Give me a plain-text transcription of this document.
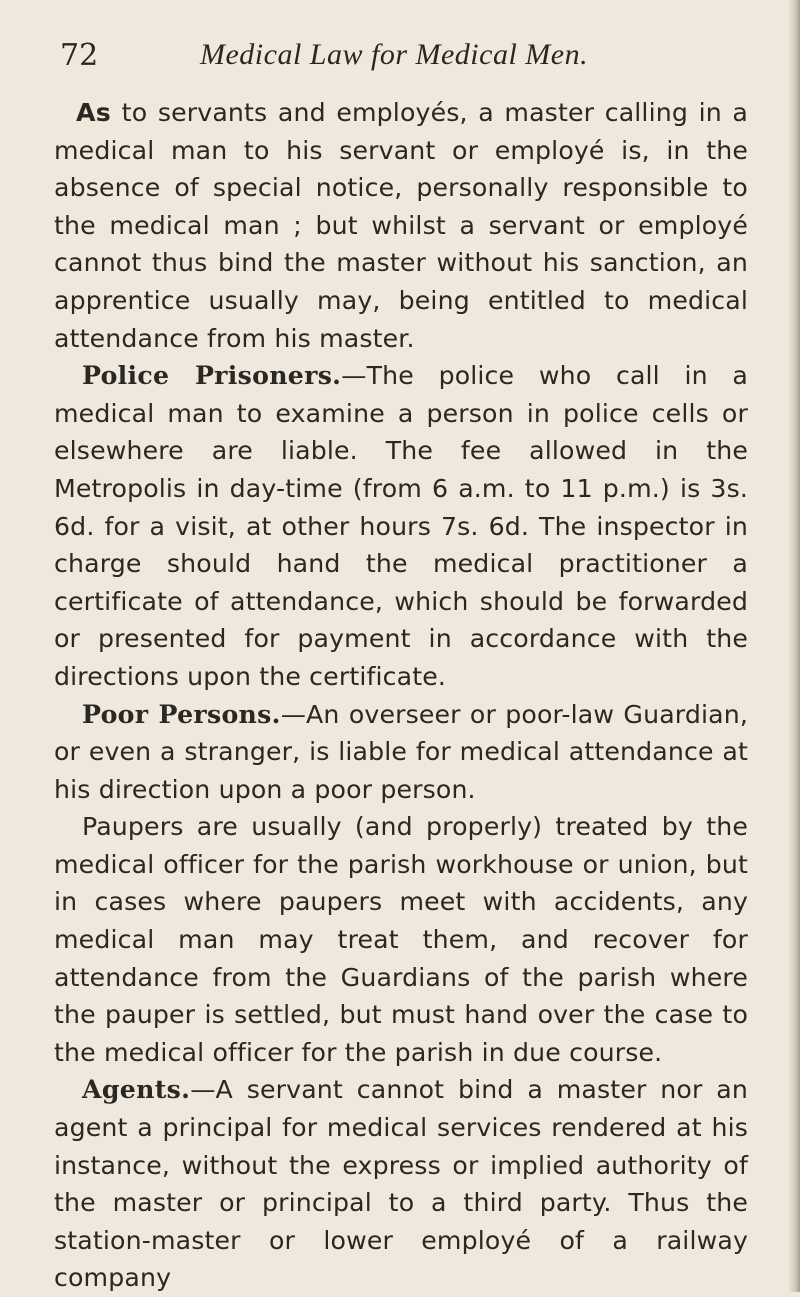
72	Medical Law for Medical Men.

As to servants and employés, a master calling in a medical man to his servant or employé is, in the absence of special notice, personally responsible to the medical man ; but whilst a servant or employé cannot thus bind the master without his sanction, an apprentice usually may, being entitled to medical attendance from his master.

Police Prisoners.—The police who call in a medical man to examine a person in police cells or elsewhere are liable. The fee allowed in the Metropolis in day-time (from 6 a.m. to 11 p.m.) is 3s. 6d. for a visit, at other hours 7s. 6d. The inspector in charge should hand the medical practitioner a certificate of attendance, which should be forwarded or presented for payment in accordance with the directions upon the certificate.

Poor Persons.—An overseer or poor-law Guardian, or even a stranger, is liable for medical attendance at his direction upon a poor person.

Paupers are usually (and properly) treated by the medical officer for the parish workhouse or union, but in cases where paupers meet with accidents, any medical man may treat them, and recover for attendance from the Guardians of the parish where the pauper is settled, but must hand over the case to the medical officer for the parish in due course.

Agents.—A servant cannot bind a master nor an agent a principal for medical services rendered at his instance, without the express or implied authority of the master or principal to a third party. Thus the station-master or lower employé of a railway company
